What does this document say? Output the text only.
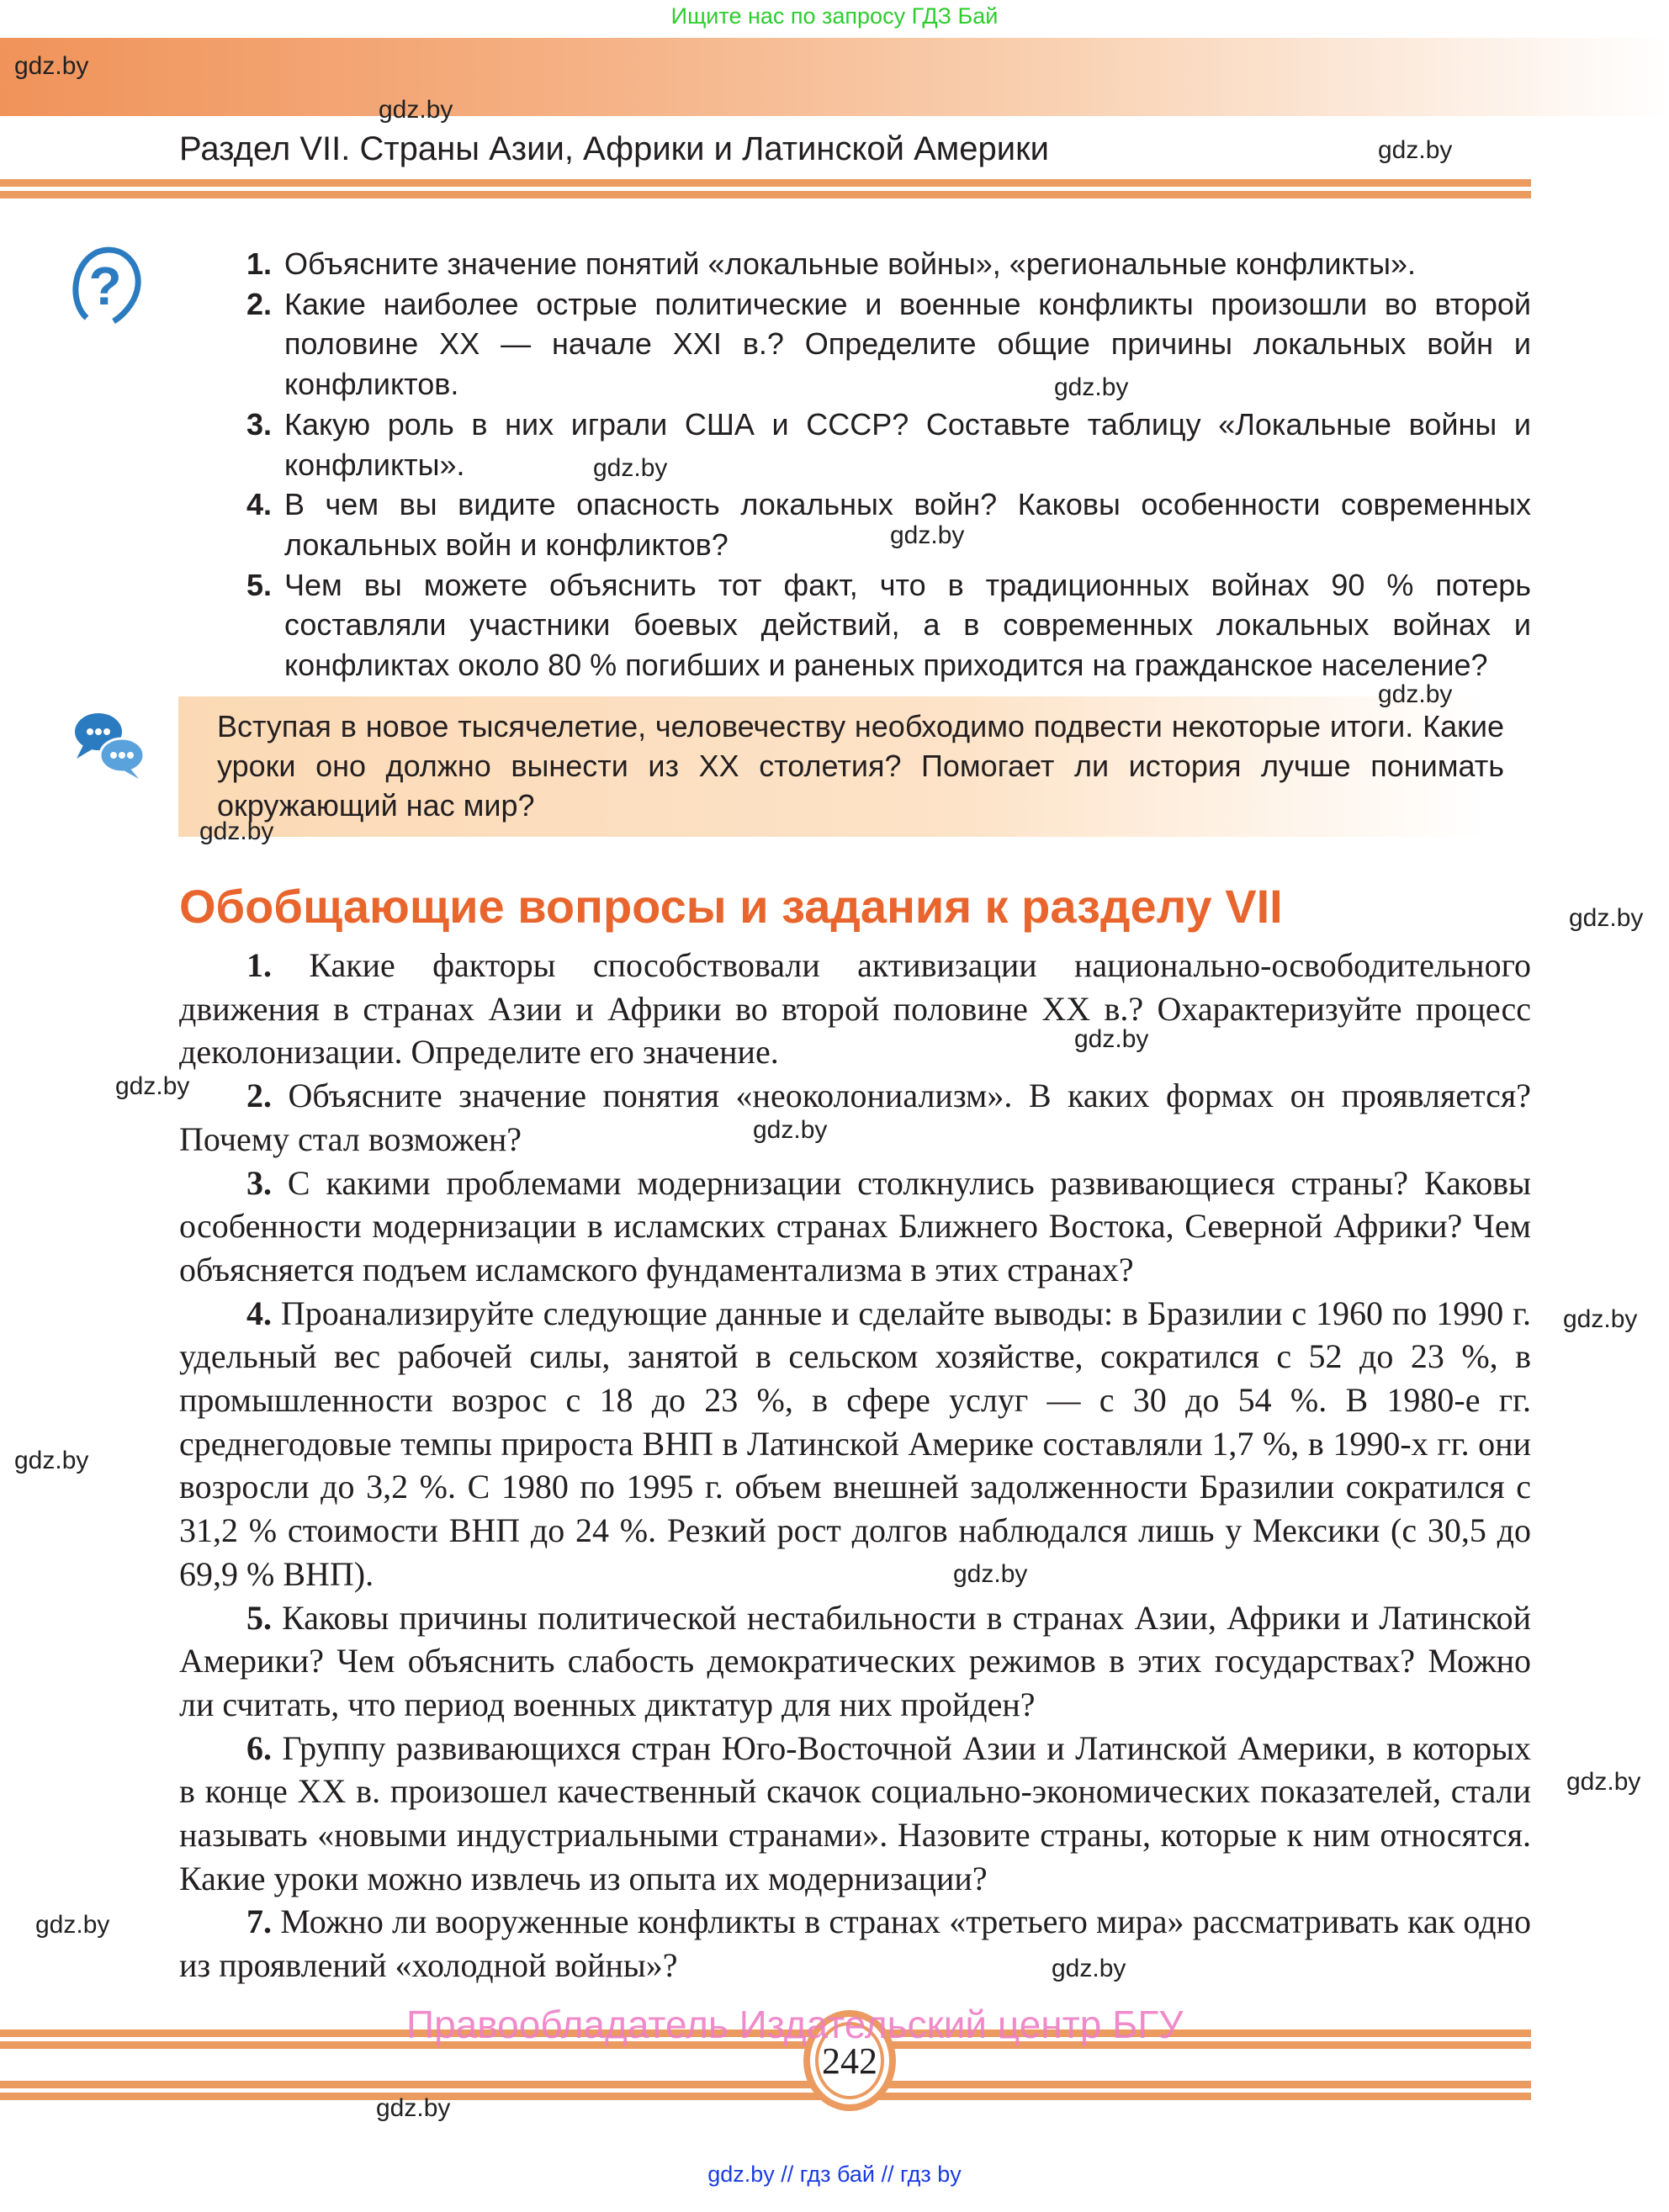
Ищите нас по запросу ГДЗ Бай
Раздел VII. Страны Азии, Африки и Латинской Америки
?	1. Объясните значение понятий «локальные войны», «региональные конфликты».
2. Какие наиболее острые политические и военные конфликты произошли во второй половине XX — начале XXI в.? Определите общие причины локальных войн и конфликтов.
3. Какую роль в них играли США и СССР? Составьте таблицу «Локальные войны и конфликты».
4. В чем вы видите опасность локальных войн? Каковы особенности современных локальных войн и конфликтов?
5. Чем вы можете объяснить тот факт, что в традиционных войнах 90 % потерь составляли участники боевых действий, а в современных локальных войнах и конфликтах около 80 % погибших и раненых приходится на гражданское население?
Вступая в новое тысячелетие, человечеству необходимо подвести некоторые итоги. Какие уроки оно должно вынести из XX столетия? Помогает ли история лучше понимать окружающий нас мир?
Обобщающие вопросы и задания к разделу VII

1. Какие факторы способствовали активизации национально-освободительного движения в странах Азии и Африки во второй половине XX в.? Охарактеризуйте процесс деколонизации. Определите его значение.

2. Объясните значение понятия «неоколониализм». В каких формах он проявляется? Почему стал возможен?

3. С какими проблемами модернизации столкнулись развивающиеся страны? Каковы особенности модернизации в исламских странах Ближнего Востока, Северной Африки? Чем объясняется подъем исламского фундаментализма в этих странах?

4. Проанализируйте следующие данные и сделайте выводы: в Бразилии с 1960 по 1990 г. удельный вес рабочей силы, занятой в сельском хозяйстве, сократился с 52 до 23 %, в промышленности возрос с 18 до 23 %, в сфере услуг — с 30 до 54 %. В 1980-е гг. среднегодовые темпы прироста ВНП в Латинской Америке составляли 1,7 %, в 1990-х гг. они возросли до 3,2 %. С 1980 по 1995 г. объем внешней задолженности Бразилии сократился с 31,2 % стоимости ВНП до 24 %. Резкий рост долгов наблюдался лишь у Мексики (с 30,5 до 69,9 % ВНП).

5. Каковы причины политической нестабильности в странах Азии, Африки и Латинской Америки? Чем объяснить слабость демократических режимов в этих государствах? Можно ли считать, что период военных диктатур для них пройден?

6. Группу развивающихся стран Юго-Восточной Азии и Латинской Америки, в которых в конце XX в. произошел качественный скачок социально-экономических показателей, стали называть «новыми индустриальными странами». Назовите страны, которые к ним относятся. Какие уроки можно извлечь из опыта их модернизации?

7. Можно ли вооруженные конфликты в странах «третьего мира» рассматривать как одно из проявлений «холодной войны»?

242
Правообладатель Издательский центр БГУ
gdz.by // гдз бай // гдз by
gdz.by
gdz.by
gdz.by
gdz.by
gdz.by
gdz.by
gdz.by
gdz.by
gdz.by
gdz.by
gdz.by
gdz.by
gdz.by
gdz.by
gdz.by
gdz.by
gdz.by
gdz.by
gdz.by
